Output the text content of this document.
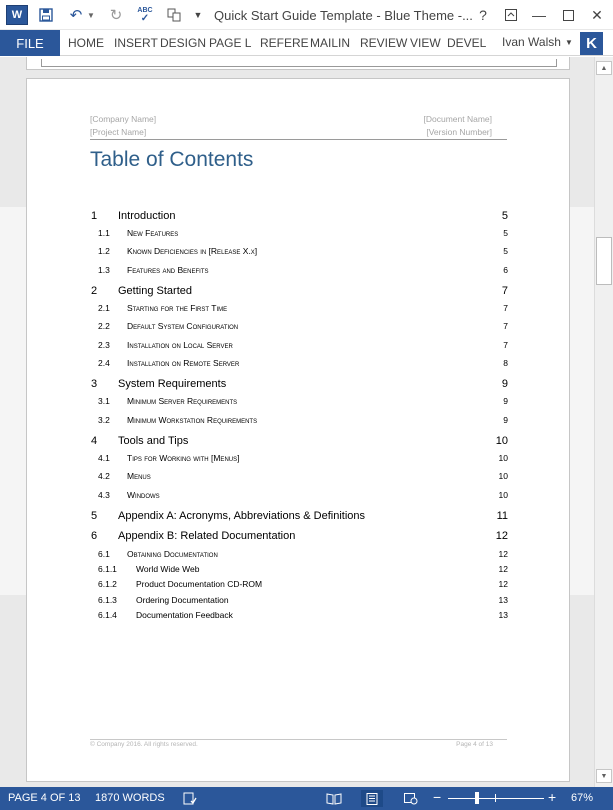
W	↶ ▼ ↻ ABC
✓	▼ Quick Start Guide Template - Blue Theme -... ?	—	✕
FILE	HOME INSERT DESIGN PAGE L REFERE MAILIN REVIEW VIEW DEVEL Ivan Walsh ▼ K
[Company Name]
[Project Name]
[Document Name]
[Version Number]
Table of Contents
1 Introduction	5
1.1 New Features	5
1.2 Known Deficiencies in [Release X.x]	5
1.3 Features and Benefits	6
2 Getting Started	7
2.1 Starting for the First Time	7
2.2 Default System Configuration	7
2.3 Installation on Local Server	7
2.4 Installation on Remote Server	8
3 System Requirements	9
3.1 Minimum Server Requirements	9
3.2 Minimum Workstation Requirements	9
4 Tools and Tips	10
4.1 Tips for Working with [Menus]	10
4.2 Menus	10
4.3 Windows	10
5 Appendix A: Acronyms, Abbreviations & Definitions	11
6 Appendix B: Related Documentation	12
6.1 Obtaining Documentation	12
6.1.1 World Wide Web	12
6.1.2 Product Documentation CD-ROM	12
6.1.3 Ordering Documentation	13
6.1.4 Documentation Feedback	13
© Company 2016. All rights reserved.	Page 4 of 13
▲
▼
PAGE 4 OF 13 1870 WORDS	−	+ 67%
